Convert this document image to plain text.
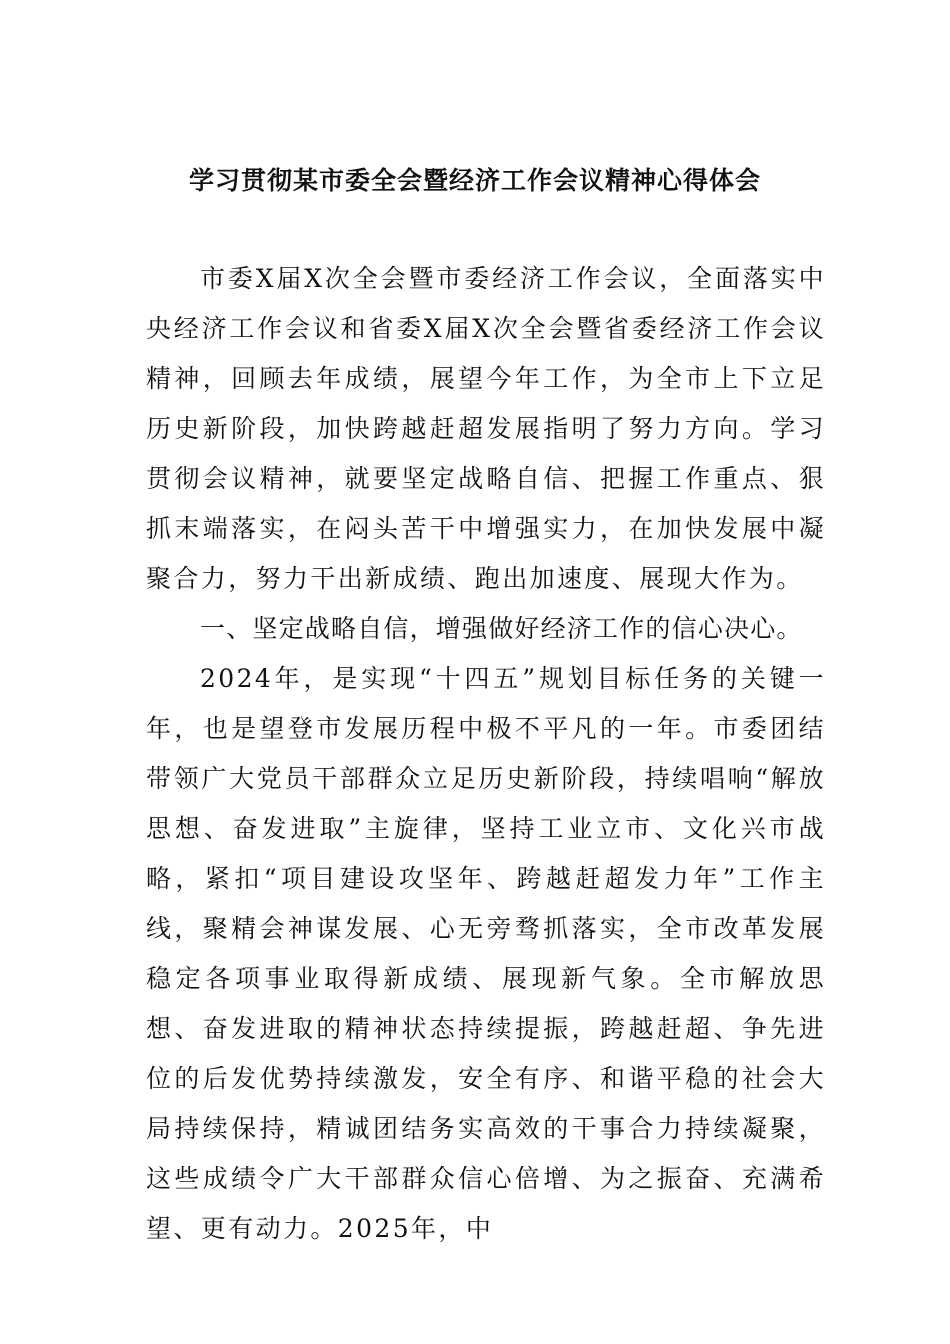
学习贯彻某市委全会暨经济工作会议精神心得体会

市委X届X次全会暨市委经济工作会议，全面落实中央经济工作会议和省委X届X次全会暨省委经济工作会议精神，回顾去年成绩，展望今年工作，为全市上下立足历史新阶段，加快跨越赶超发展指明了努力方向。学习贯彻会议精神，就要坚定战略自信、把握工作重点、狠抓末端落实，在闷头苦干中增强实力，在加快发展中凝聚合力，努力干出新成绩、跑出加速度、展现大作为。

一、坚定战略自信，增强做好经济工作的信心决心。

2024年，是实现“十四五”规划目标任务的关键一年，也是望登市发展历程中极不平凡的一年。市委团结带领广大党员干部群众立足历史新阶段，持续唱响“解放思想、奋发进取”主旋律，坚持工业立市、文化兴市战略，紧扣“项目建设攻坚年、跨越赶超发力年”工作主线，聚精会神谋发展、心无旁骛抓落实，全市改革发展稳定各项事业取得新成绩、展现新气象。全市解放思想、奋发进取的精神状态持续提振，跨越赶超、争先进位的后发优势持续激发，安全有序、和谐平稳的社会大局持续保持，精诚团结务实高效的干事合力持续凝聚，这些成绩令广大干部群众信心倍增、为之振奋、充满希望、更有动力。2025年，中
